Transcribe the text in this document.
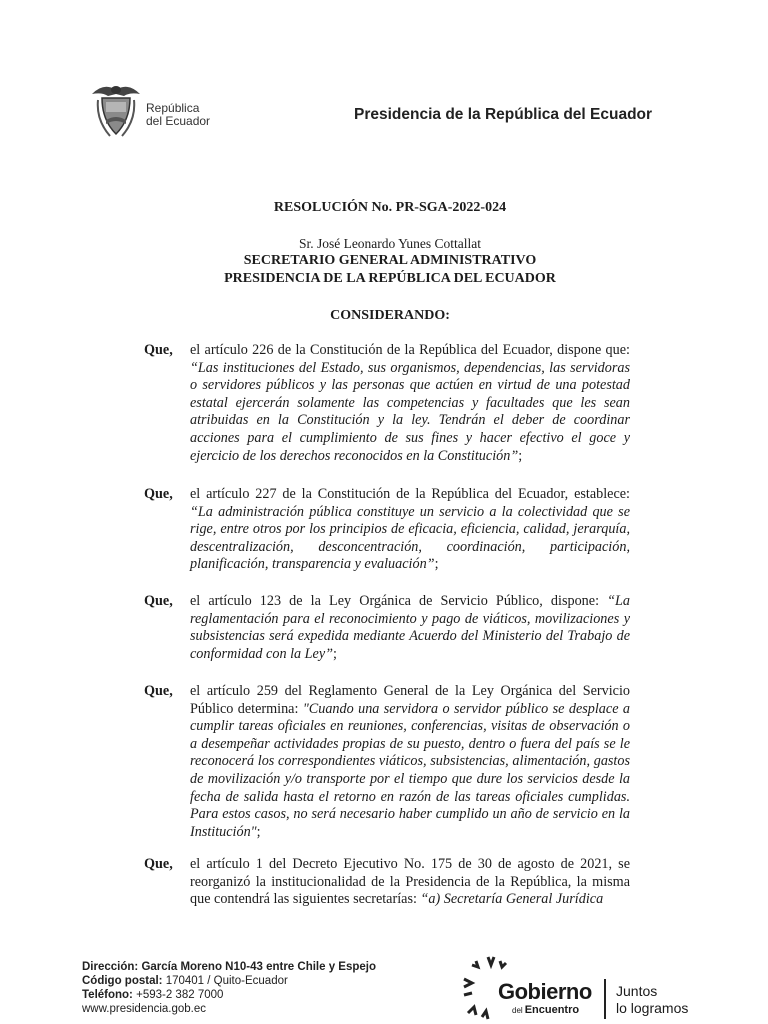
República
del Ecuador	Presidencia de la República del Ecuador
RESOLUCIÓN No. PR-SGA-2022-024
Sr. José Leonardo Yunes Cottallat
SECRETARIO GENERAL ADMINISTRATIVO
PRESIDENCIA DE LA REPÚBLICA DEL ECUADOR
CONSIDERANDO:
Que, el artículo 226 de la Constitución de la República del Ecuador, dispone que: “Las instituciones del Estado, sus organismos, dependencias, las servidoras o servidores públicos y las personas que actúen en virtud de una potestad estatal ejercerán solamente las competencias y facultades que les sean atribuidas en la Constitución y la ley. Tendrán el deber de coordinar acciones para el cumplimiento de sus fines y hacer efectivo el goce y ejercicio de los derechos reconocidos en la Constitución”;
Que, el artículo 227 de la Constitución de la República del Ecuador, establece: “La administración pública constituye un servicio a la colectividad que se rige, entre otros por los principios de eficacia, eficiencia, calidad, jerarquía, descentralización, desconcentración, coordinación, participación, planificación, transparencia y evaluación”;
Que, el artículo 123 de la Ley Orgánica de Servicio Público, dispone: “La reglamentación para el reconocimiento y pago de viáticos, movilizaciones y subsistencias será expedida mediante Acuerdo del Ministerio del Trabajo de conformidad con la Ley”;
Que, el artículo 259 del Reglamento General de la Ley Orgánica del Servicio Público determina: "Cuando una servidora o servidor público se desplace a cumplir tareas oficiales en reuniones, conferencias, visitas de observación o a desempeñar actividades propias de su puesto, dentro o fuera del país se le reconocerá los correspondientes viáticos, subsistencias, alimentación, gastos de movilización y/o transporte por el tiempo que dure los servicios desde la fecha de salida hasta el retorno en razón de las tareas oficiales cumplidas. Para estos casos, no será necesario haber cumplido un año de servicio en la Institución";
Que, el artículo 1 del Decreto Ejecutivo No. 175 de 30 de agosto de 2021, se reorganizó la institucionalidad de la Presidencia de la República, la misma que contendrá las siguientes secretarías: “a) Secretaría General Jurídica
Dirección: García Moreno N10-43 entre Chile y Espejo
Código postal: 170401 / Quito-Ecuador
Teléfono: +593-2 382 7000
www.presidencia.gob.ec
Gobierno
del Encuentro
Juntos
lo logramos
